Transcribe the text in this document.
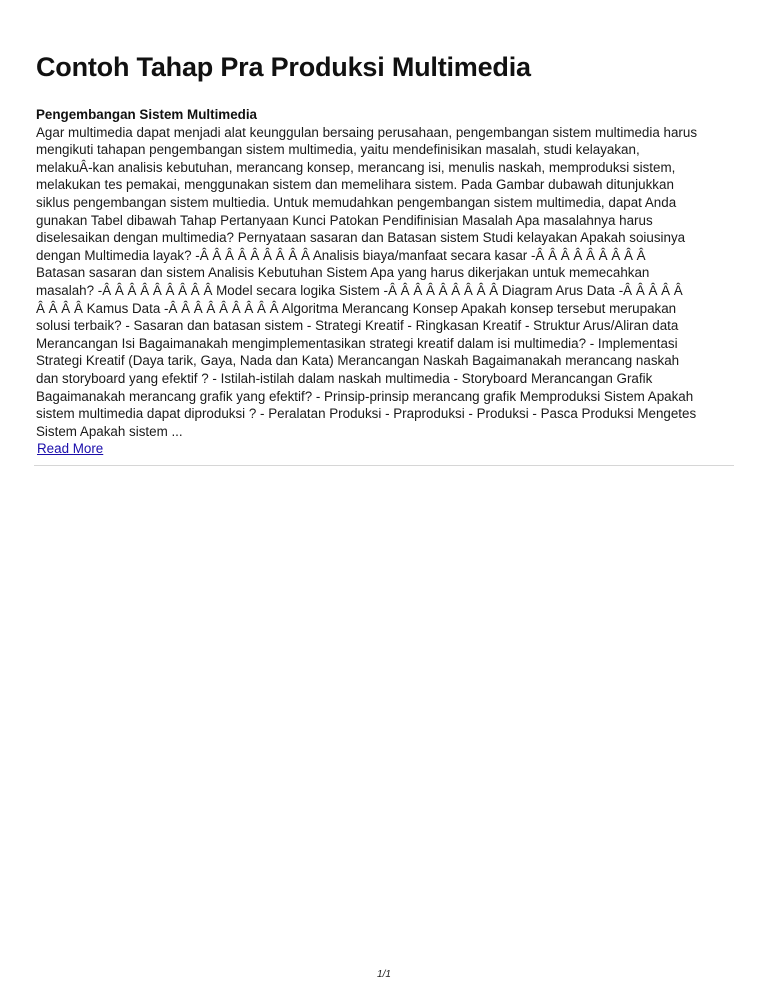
Contoh Tahap Pra Produksi Multimedia
Pengembangan Sistem Multimedia
Agar multimedia dapat menjadi alat keunggulan bersaing perusahaan, pengembangan sistem multimedia harus
mengikuti tahapan pengembangan sistem multimedia, yaitu mendefinisikan masalah, studi kelayakan,
melakuÂ-kan analisis kebutuhan, merancang konsep, merancang isi, menulis naskah, memproduksi sistem,
melakukan tes pemakai, menggunakan sistem dan memelihara sistem. Pada Gambar dubawah ditunjukkan
siklus pengembangan sistem multiedia. Untuk memudahkan pengembangan sistem multimedia, dapat Anda
gunakan Tabel dibawah Tahap Pertanyaan Kunci Patokan Pendifinisian Masalah Apa masalahnya harus
diselesaikan dengan multimedia? Pernyataan sasaran dan Batasan sistem Studi kelayakan Apakah soiusinya
dengan Multimedia layak? -Â Â Â Â Â Â Â Â Â Analisis biaya/manfaat secara kasar -Â Â Â Â Â Â Â Â Â
Batasan sasaran dan sistem Analisis Kebutuhan Sistem Apa yang harus dikerjakan untuk memecahkan
masalah? -Â Â Â Â Â Â Â Â Â Model secara logika Sistem -Â Â Â Â Â Â Â Â Â Diagram Arus Data -Â Â Â Â Â
Â Â Â Â Kamus Data -Â Â Â Â Â Â Â Â Â Algoritma Merancang Konsep Apakah konsep tersebut merupakan
solusi terbaik? - Sasaran dan batasan sistem - Strategi Kreatif - Ringkasan Kreatif - Struktur Arus/Aliran data
Merancangan Isi Bagaimanakah mengimplementasikan strategi kreatif dalam isi multimedia? - Implementasi
Strategi Kreatif (Daya tarik, Gaya, Nada dan Kata) Merancangan Naskah Bagaimanakah merancang naskah
dan storyboard yang efektif ? - Istilah-istilah dalam naskah multimedia - Storyboard Merancangan Grafik
Bagaimanakah merancang grafik yang efektif? - Prinsip-prinsip merancang grafik Memproduksi Sistem Apakah
sistem multimedia dapat diproduksi ? - Peralatan Produksi - Praproduksi - Produksi - Pasca Produksi Mengetes
Sistem Apakah sistem ...
Read More
1/1
